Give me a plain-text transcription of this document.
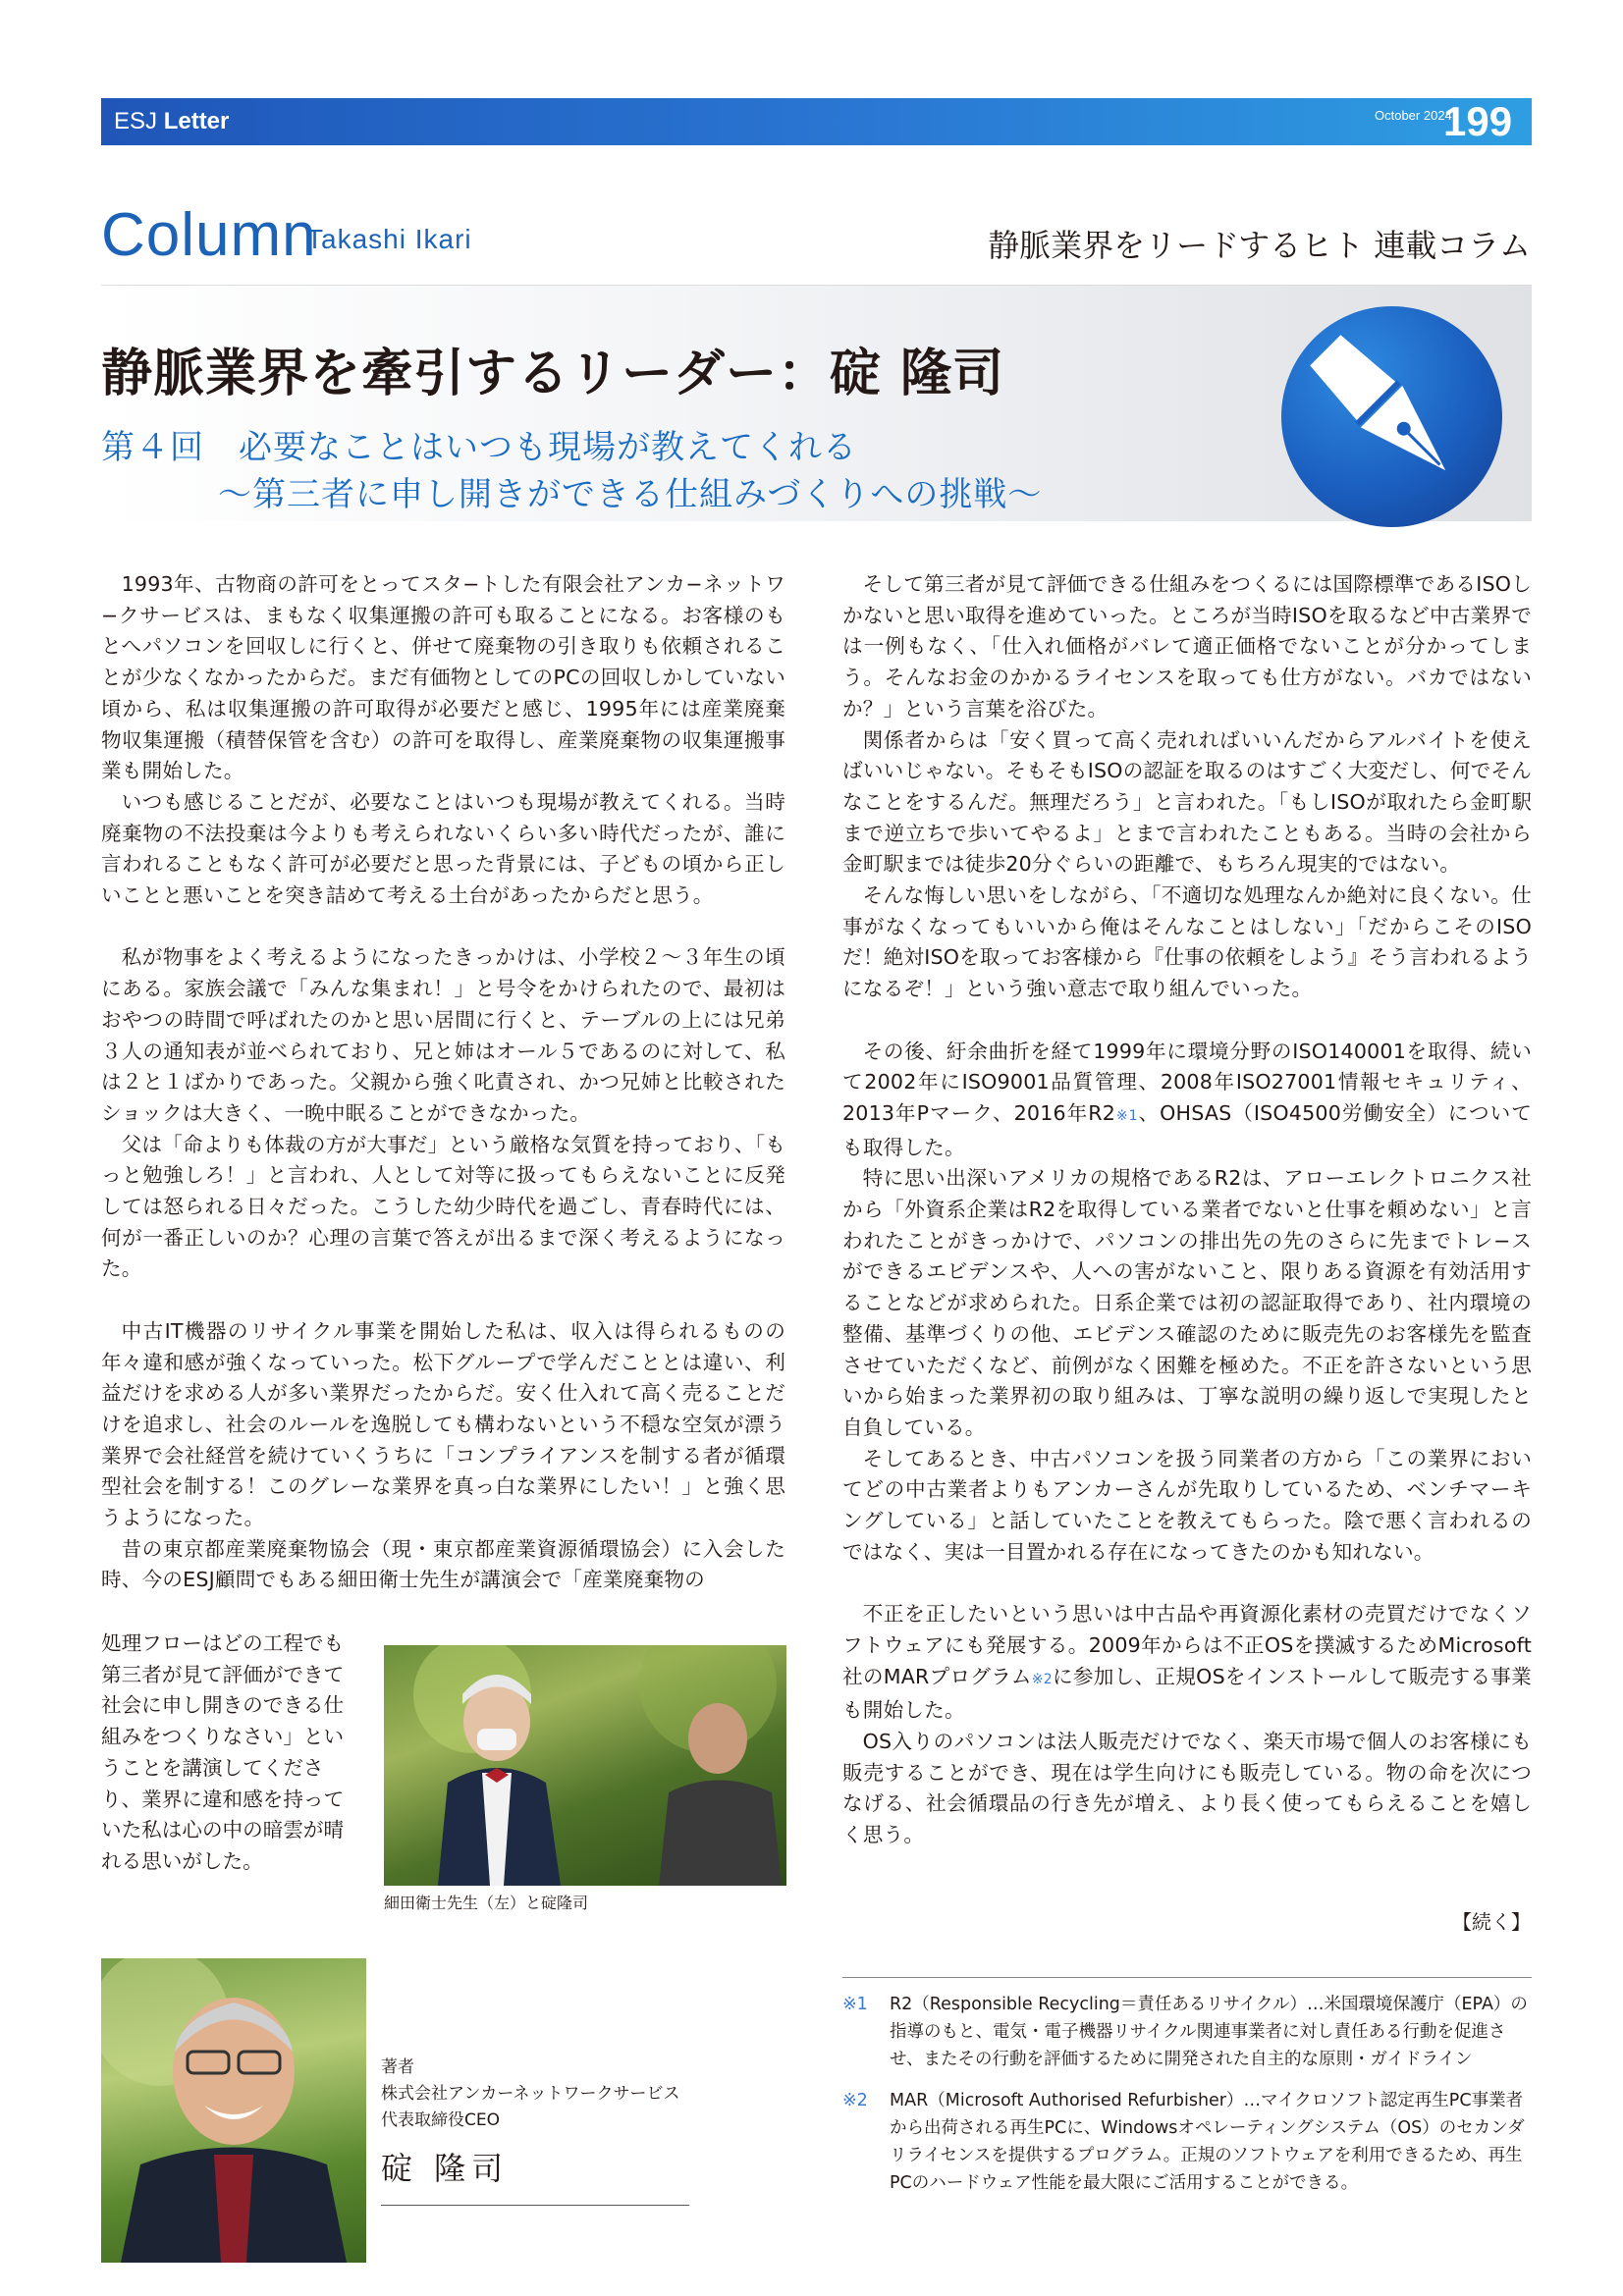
ESJ Letter	October 2024
199
Column
Takashi Ikari	静脈業界をリードするヒト 連載コラム
静脈業界を牽引するリーダー：碇 隆司
第４回　必要なことはいつも現場が教えてくれる
～第三者に申し開きができる仕組みづくりへの挑戦～

1993年、古物商の許可をとってスタ−トした有限会社アンカ−ネットワ−クサービスは、まもなく収集運搬の許可も取ることになる。お客様のもとへパソコンを回収しに行くと、併せて廃棄物の引き取りも依頼されることが少なくなかったからだ。まだ有価物としてのPCの回収しかしていない頃から、私は収集運搬の許可取得が必要だと感じ、1995年には産業廃棄物収集運搬（積替保管を含む）の許可を取得し、産業廃棄物の収集運搬事業も開始した。

いつも感じることだが、必要なことはいつも現場が教えてくれる。当時廃棄物の不法投棄は今よりも考えられないくらい多い時代だったが、誰に言われることもなく許可が必要だと思った背景には、子どもの頃から正しいことと悪いことを突き詰めて考える土台があったからだと思う。

私が物事をよく考えるようになったきっかけは、小学校２〜３年生の頃にある。家族会議で「みんな集まれ！」と号令をかけられたので、最初はおやつの時間で呼ばれたのかと思い居間に行くと、テーブルの上には兄弟３人の通知表が並べられており、兄と姉はオール５であるのに対して、私は２と１ばかりであった。父親から強く叱責され、かつ兄姉と比較されたショックは大きく、一晩中眠ることができなかった。

父は「命よりも体裁の方が大事だ」という厳格な気質を持っており、「もっと勉強しろ！」と言われ、人として対等に扱ってもらえないことに反発しては怒られる日々だった。こうした幼少時代を過ごし、青春時代には、何が一番正しいのか？心理の言葉で答えが出るまで深く考えるようになった。

中古IT機器のリサイクル事業を開始した私は、収入は得られるものの年々違和感が強くなっていった。松下グループで学んだこととは違い、利益だけを求める人が多い業界だったからだ。安く仕入れて高く売ることだけを追求し、社会のルールを逸脱しても構わないという不穏な空気が漂う業界で会社経営を続けていくうちに「コンプライアンスを制する者が循環型社会を制する！このグレーな業界を真っ白な業界にしたい！」と強く思うようになった。

昔の東京都産業廃棄物協会（現・東京都産業資源循環協会）に入会した時、今のESJ顧問でもある細田衛士先生が講演会で「産業廃棄物の

処理フローはどの工程でも第三者が見て評価ができて社会に申し開きのできる仕組みをつくりなさい」ということを講演してくださり、業界に違和感を持っていた私は心の中の暗雲が晴れる思いがした。
細田衛士先生（左）と碇隆司
著者
株式会社アンカーネットワークサービス
代表取締役CEO
碇 隆司

そして第三者が見て評価できる仕組みをつくるには国際標準であるISOしかないと思い取得を進めていった。ところが当時ISOを取るなど中古業界では一例もなく、「仕入れ価格がバレて適正価格でないことが分かってしまう。そんなお金のかかるライセンスを取っても仕方がない。バカではないか？」という言葉を浴びた。

関係者からは「安く買って高く売れればいいんだからアルバイトを使えばいいじゃない。そもそもISOの認証を取るのはすごく大変だし、何でそんなことをするんだ。無理だろう」と言われた。「もしISOが取れたら金町駅まで逆立ちで歩いてやるよ」とまで言われたこともある。当時の会社から金町駅までは徒歩20分ぐらいの距離で、もちろん現実的ではない。

そんな悔しい思いをしながら、「不適切な処理なんか絶対に良くない。仕事がなくなってもいいから俺はそんなことはしない」「だからこそのISOだ！絶対ISOを取ってお客様から『仕事の依頼をしよう』そう言われるようになるぞ！」という強い意志で取り組んでいった。

その後、紆余曲折を経て1999年に環境分野のISO140001を取得、続いて2002年にISO9001品質管理、2008年ISO27001情報セキュリティ、2013年Pマーク、2016年R2※1、OHSAS（ISO4500労働安全）についても取得した。

特に思い出深いアメリカの規格であるR2は、アローエレクトロニクス社から「外資系企業はR2を取得している業者でないと仕事を頼めない」と言われたことがきっかけで、パソコンの排出先の先のさらに先までトレ−スができるエビデンスや、人への害がないこと、限りある資源を有効活用することなどが求められた。日系企業では初の認証取得であり、社内環境の整備、基準づくりの他、エビデンス確認のために販売先のお客様先を監査させていただくなど、前例がなく困難を極めた。不正を許さないという思いから始まった業界初の取り組みは、丁寧な説明の繰り返しで実現したと自負している。

そしてあるとき、中古パソコンを扱う同業者の方から「この業界においてどの中古業者よりもアンカーさんが先取りしているため、ベンチマーキングしている」と話していたことを教えてもらった。陰で悪く言われるのではなく、実は一目置かれる存在になってきたのかも知れない。

不正を正したいという思いは中古品や再資源化素材の売買だけでなくソフトウェアにも発展する。2009年からは不正OSを撲滅するためMicrosoft社のMARプログラム※2に参加し、正規OSをインストールして販売する事業も開始した。

OS入りのパソコンは法人販売だけでなく、楽天市場で個人のお客様にも販売することができ、現在は学生向けにも販売している。物の命を次につなげる、社会循環品の行き先が増え、より長く使ってもらえることを嬉しく思う。

【続く】
※1 R2（Responsible Recycling＝責任あるリサイクル）…米国環境保護庁（EPA）の指導のもと、電気・電子機器リサイクル関連事業者に対し責任ある行動を促進させ、またその行動を評価するために開発された自主的な原則・ガイドライン
※2 MAR（Microsoft Authorised Refurbisher）…マイクロソフト認定再生PC事業者から出荷される再生PCに、Windowsオペレーティングシステム（OS）のセカンダリライセンスを提供するプログラム。正規のソフトウェアを利用できるため、再生PCのハードウェア性能を最大限にご活用することができる。
